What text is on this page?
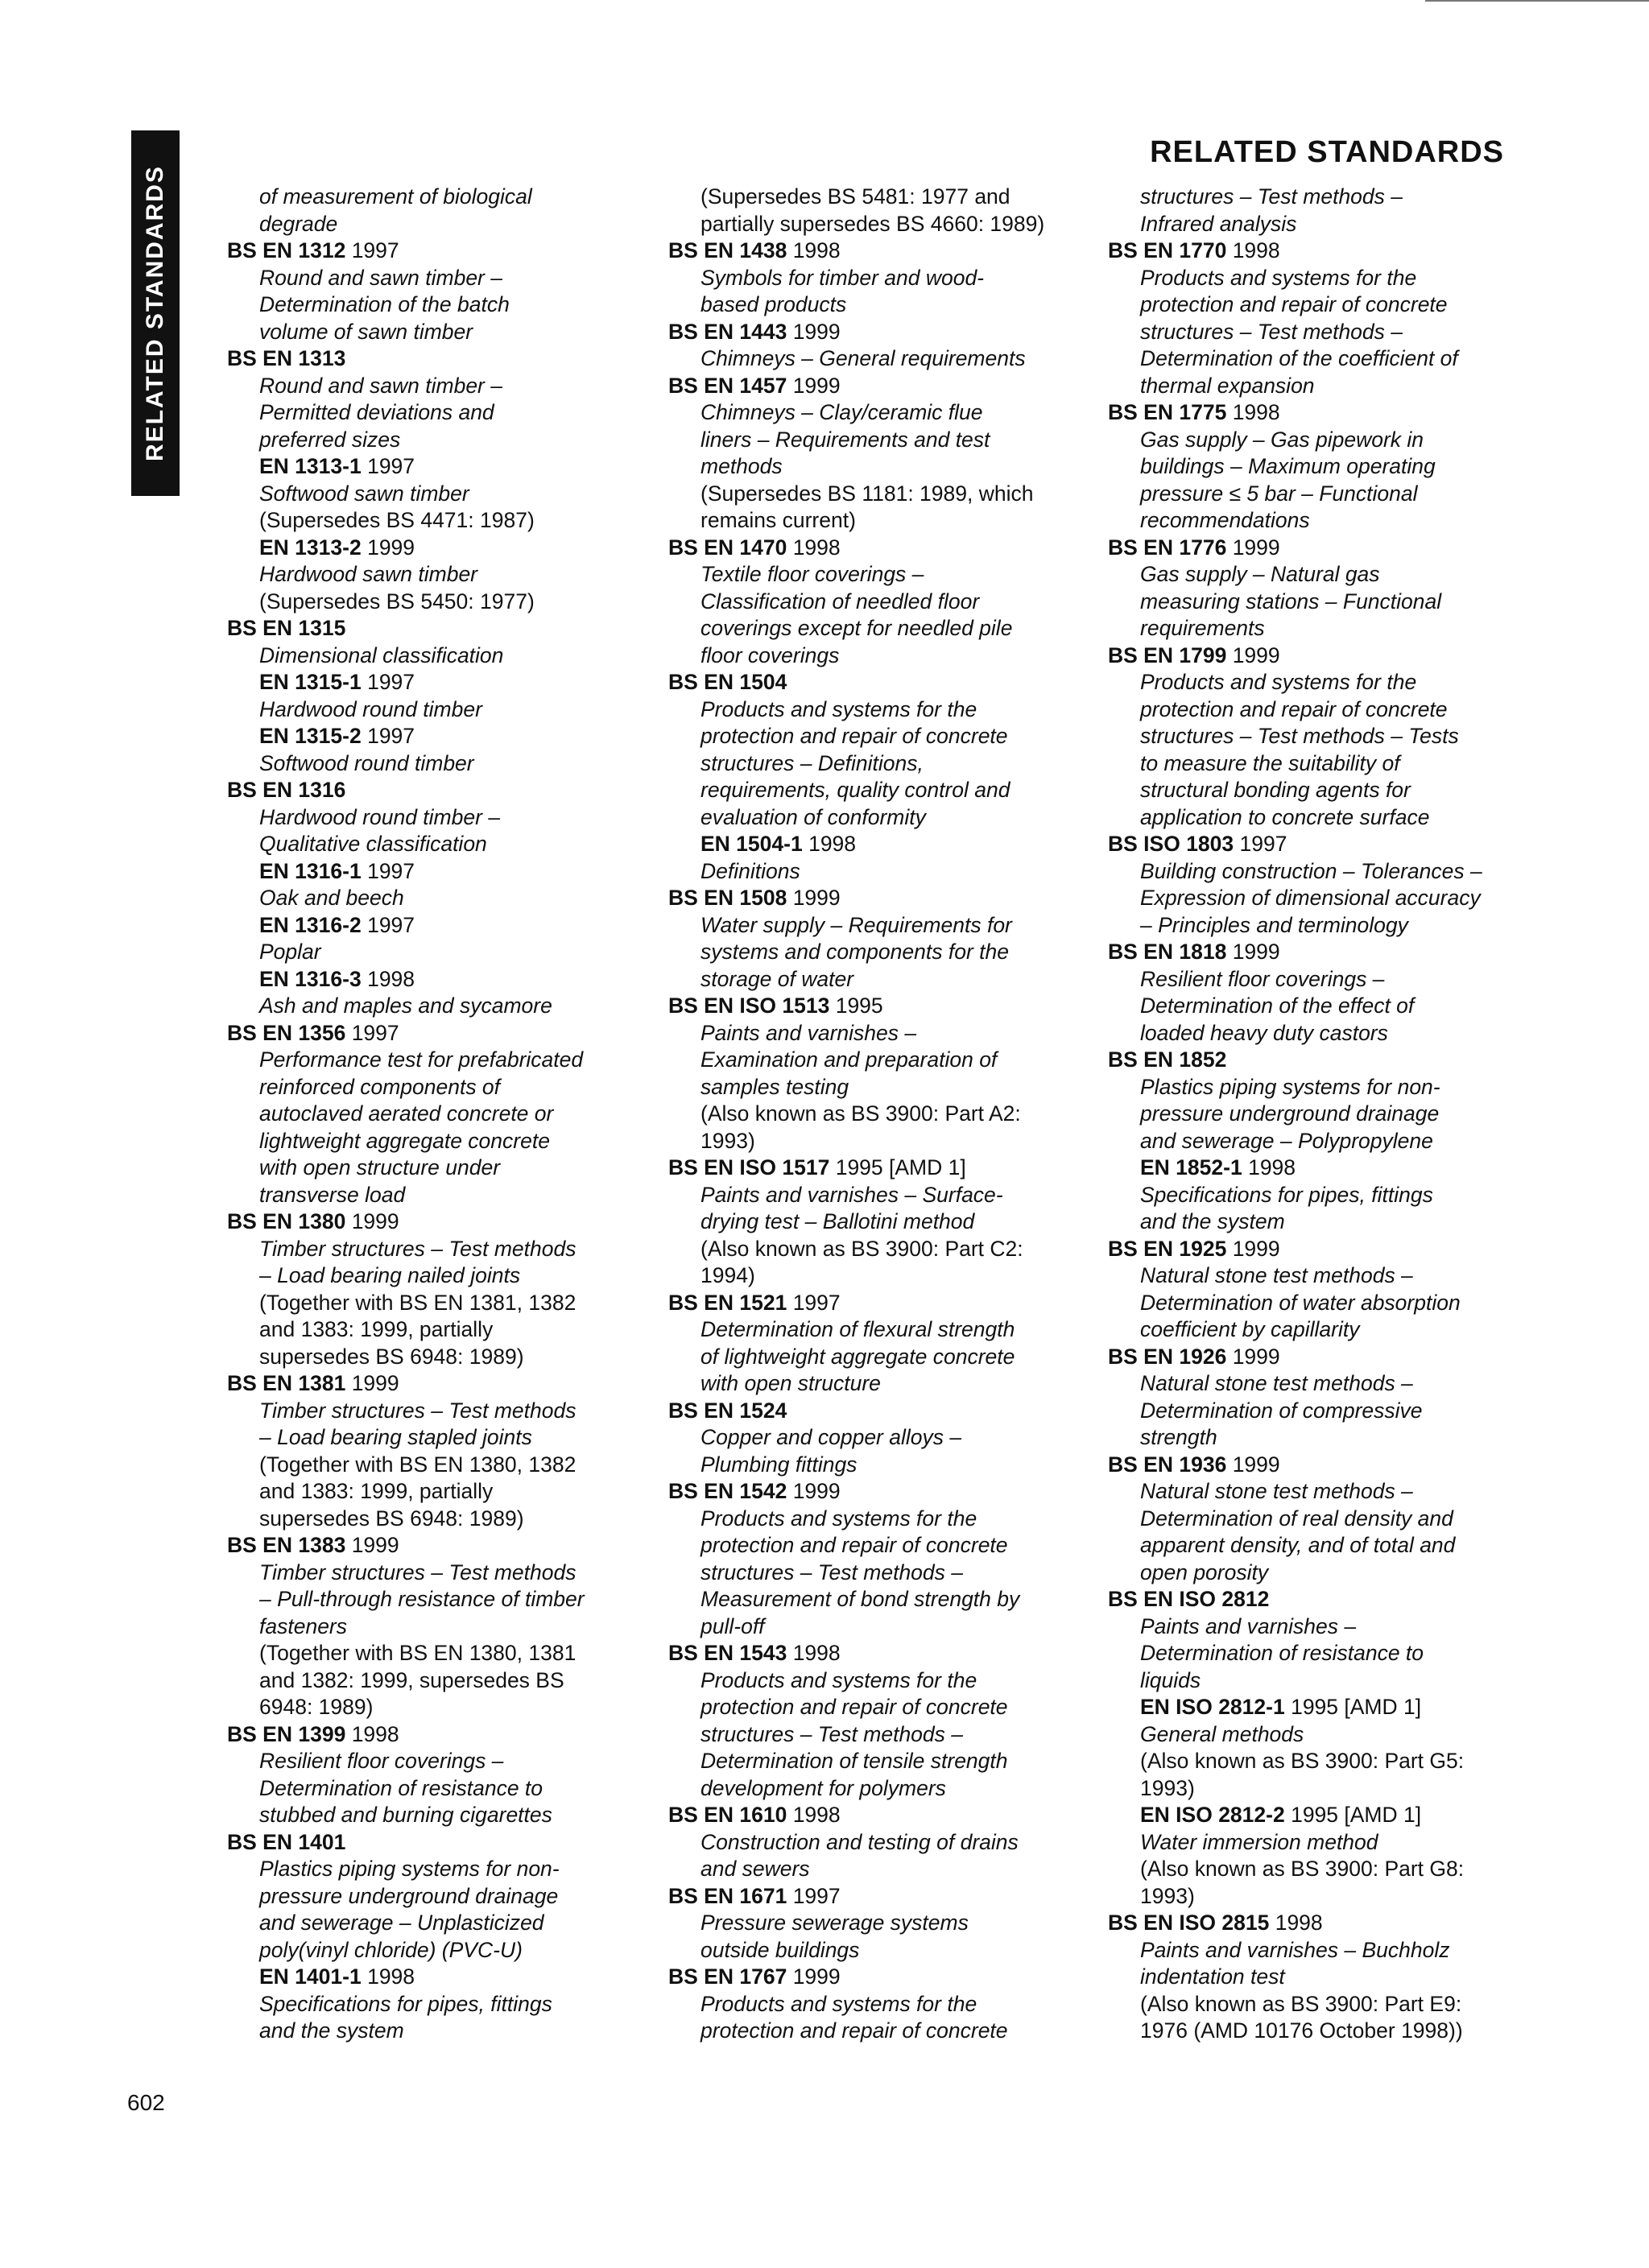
RELATED STANDARDS
RELATED STANDARDS

of measurement of biological

degrade

BS EN 1312 1997

Round and sawn timber –

Determination of the batch

volume of sawn timber

BS EN 1313

Round and sawn timber –

Permitted deviations and

preferred sizes

EN 1313-1 1997

Softwood sawn timber

(Supersedes BS 4471: 1987)

EN 1313-2 1999

Hardwood sawn timber

(Supersedes BS 5450: 1977)

BS EN 1315

Dimensional classification

EN 1315-1 1997

Hardwood round timber

EN 1315-2 1997

Softwood round timber

BS EN 1316

Hardwood round timber –

Qualitative classification

EN 1316-1 1997

Oak and beech

EN 1316-2 1997

Poplar

EN 1316-3 1998

Ash and maples and sycamore

BS EN 1356 1997

Performance test for prefabricated

reinforced components of

autoclaved aerated concrete or

lightweight aggregate concrete

with open structure under

transverse load

BS EN 1380 1999

Timber structures – Test methods

– Load bearing nailed joints

(Together with BS EN 1381, 1382

and 1383: 1999, partially

supersedes BS 6948: 1989)

BS EN 1381 1999

Timber structures – Test methods

– Load bearing stapled joints

(Together with BS EN 1380, 1382

and 1383: 1999, partially

supersedes BS 6948: 1989)

BS EN 1383 1999

Timber structures – Test methods

– Pull-through resistance of timber

fasteners

(Together with BS EN 1380, 1381

and 1382: 1999, supersedes BS

6948: 1989)

BS EN 1399 1998

Resilient floor coverings –

Determination of resistance to

stubbed and burning cigarettes

BS EN 1401

Plastics piping systems for non-

pressure underground drainage

and sewerage – Unplasticized

poly(vinyl chloride) (PVC-U)

EN 1401-1 1998

Specifications for pipes, fittings

and the system

(Supersedes BS 5481: 1977 and

partially supersedes BS 4660: 1989)

BS EN 1438 1998

Symbols for timber and wood-

based products

BS EN 1443 1999

Chimneys – General requirements

BS EN 1457 1999

Chimneys – Clay/ceramic flue

liners – Requirements and test

methods

(Supersedes BS 1181: 1989, which

remains current)

BS EN 1470 1998

Textile floor coverings –

Classification of needled floor

coverings except for needled pile

floor coverings

BS EN 1504

Products and systems for the

protection and repair of concrete

structures – Definitions,

requirements, quality control and

evaluation of conformity

EN 1504-1 1998

Definitions

BS EN 1508 1999

Water supply – Requirements for

systems and components for the

storage of water

BS EN ISO 1513 1995

Paints and varnishes –

Examination and preparation of

samples testing

(Also known as BS 3900: Part A2:

1993)

BS EN ISO 1517 1995 [AMD 1]

Paints and varnishes – Surface-

drying test – Ballotini method

(Also known as BS 3900: Part C2:

1994)

BS EN 1521 1997

Determination of flexural strength

of lightweight aggregate concrete

with open structure

BS EN 1524

Copper and copper alloys –

Plumbing fittings

BS EN 1542 1999

Products and systems for the

protection and repair of concrete

structures – Test methods –

Measurement of bond strength by

pull-off

BS EN 1543 1998

Products and systems for the

protection and repair of concrete

structures – Test methods –

Determination of tensile strength

development for polymers

BS EN 1610 1998

Construction and testing of drains

and sewers

BS EN 1671 1997

Pressure sewerage systems

outside buildings

BS EN 1767 1999

Products and systems for the

protection and repair of concrete

structures – Test methods –

Infrared analysis

BS EN 1770 1998

Products and systems for the

protection and repair of concrete

structures – Test methods –

Determination of the coefficient of

thermal expansion

BS EN 1775 1998

Gas supply – Gas pipework in

buildings – Maximum operating

pressure ≤ 5 bar – Functional

recommendations

BS EN 1776 1999

Gas supply – Natural gas

measuring stations – Functional

requirements

BS EN 1799 1999

Products and systems for the

protection and repair of concrete

structures – Test methods – Tests

to measure the suitability of

structural bonding agents for

application to concrete surface

BS ISO 1803 1997

Building construction – Tolerances –

Expression of dimensional accuracy

– Principles and terminology

BS EN 1818 1999

Resilient floor coverings –

Determination of the effect of

loaded heavy duty castors

BS EN 1852

Plastics piping systems for non-

pressure underground drainage

and sewerage – Polypropylene

EN 1852-1 1998

Specifications for pipes, fittings

and the system

BS EN 1925 1999

Natural stone test methods –

Determination of water absorption

coefficient by capillarity

BS EN 1926 1999

Natural stone test methods –

Determination of compressive

strength

BS EN 1936 1999

Natural stone test methods –

Determination of real density and

apparent density, and of total and

open porosity

BS EN ISO 2812

Paints and varnishes –

Determination of resistance to

liquids

EN ISO 2812-1 1995 [AMD 1]

General methods

(Also known as BS 3900: Part G5:

1993)

EN ISO 2812-2 1995 [AMD 1]

Water immersion method

(Also known as BS 3900: Part G8:

1993)

BS EN ISO 2815 1998

Paints and varnishes – Buchholz

indentation test

(Also known as BS 3900: Part E9:

1976 (AMD 10176 October 1998))

602
